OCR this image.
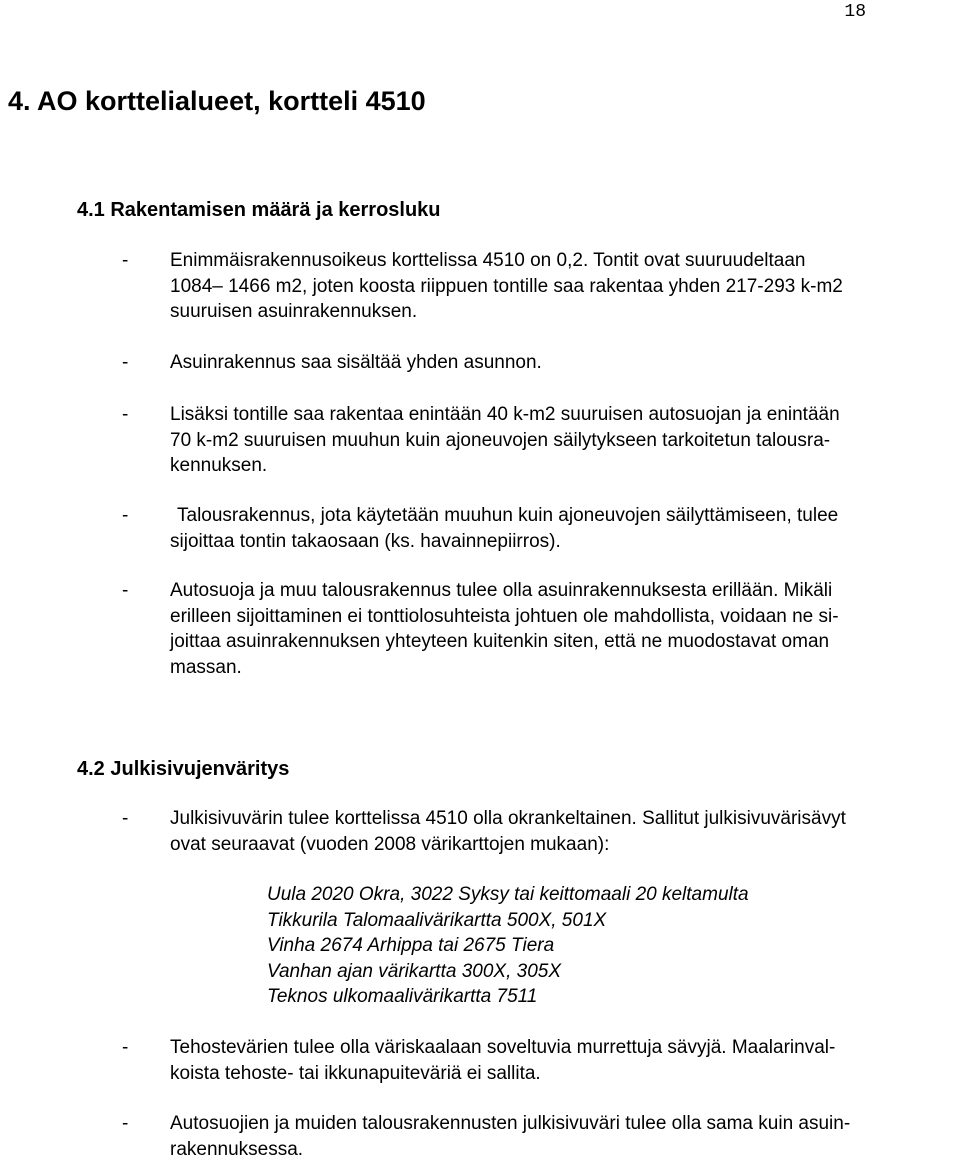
18
4. AO korttelialueet, kortteli 4510
4.1 Rakentamisen määrä ja kerrosluku
- Enimmäisrakennusoikeus korttelissa 4510 on 0,2. Tontit ovat suuruudeltaan
1084– 1466 m2, joten koosta riippuen tontille saa rakentaa yhden 217-293 k-m2
suuruisen asuinrakennuksen.
- Asuinrakennus saa sisältää yhden asunnon.
- Lisäksi tontille saa rakentaa enintään 40 k-m2 suuruisen autosuojan ja enintään
70 k-m2 suuruisen muuhun kuin ajoneuvojen säilytykseen tarkoitetun talousra-
kennuksen.
-	Talousrakennus, jota käytetään muuhun kuin ajoneuvojen säilyttämiseen, tulee
sijoittaa tontin takaosaan (ks. havainnepiirros).
- Autosuoja ja muu talousrakennus tulee olla asuinrakennuksesta erillään. Mikäli
erilleen sijoittaminen ei tonttiolosuhteista johtuen ole mahdollista, voidaan ne si-
joittaa asuinrakennuksen yhteyteen kuitenkin siten, että ne muodostavat oman
massan.
4.2 Julkisivujenväritys
- Julkisivuvärin tulee korttelissa 4510 olla okrankeltainen. Sallitut julkisivuvärisävyt
ovat seuraavat (vuoden 2008 värikarttojen mukaan):
Uula 2020 Okra, 3022 Syksy tai keittomaali 20 keltamulta
Tikkurila Talomaalivärikartta 500X, 501X
Vinha 2674 Arhippa tai 2675 Tiera
Vanhan ajan värikartta 300X, 305X
Teknos ulkomaalivärikartta 7511
- Tehostevärien tulee olla väriskaalaan soveltuvia murrettuja sävyjä. Maalarinval-
koista tehoste- tai ikkunapuiteväriä ei sallita.
- Autosuojien ja muiden talousrakennusten julkisivuväri tulee olla sama kuin asuin-
rakennuksessa.
